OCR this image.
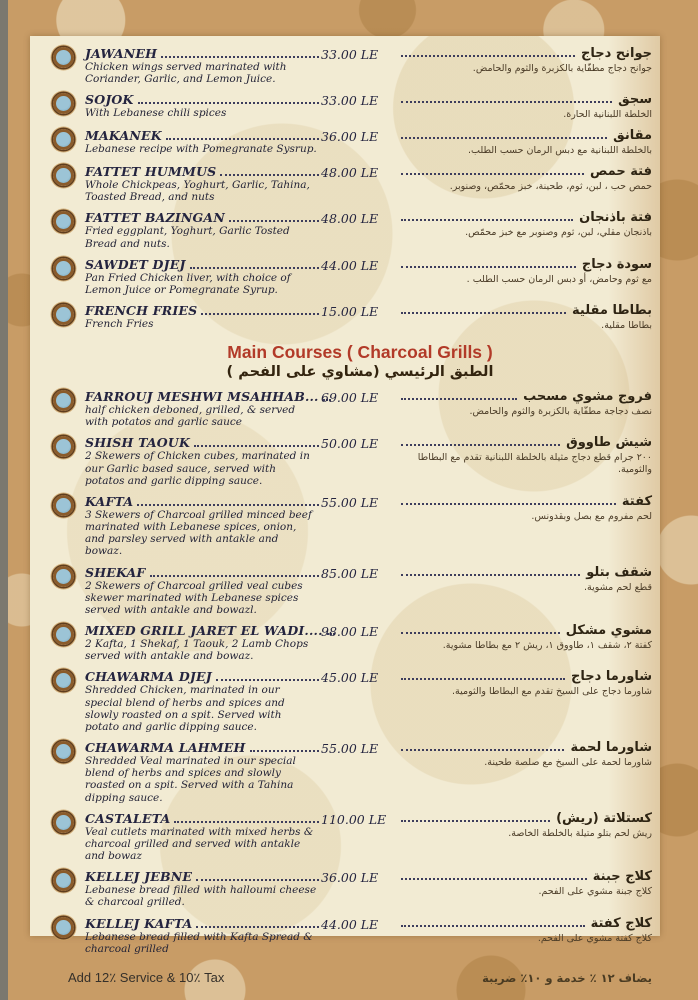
JAWANEH
Chicken wings served marinated with Coriander, Garlic, and Lemon Juice.
33.00 LE	جوانح دجاج
جوانح دجاج مطفّاية بالكزبرة والثوم والحامض.
SOJOK
With Lebanese chili spices
33.00 LE	سجق
الخلطة اللبنانية الحارة.
MAKANEK
Lebanese recipe with Pomegranate Sysrup.
36.00 LE	مقانق
بالخلطة اللبنانية مع دبس الرمان حسب الطلب.
FATTET HUMMUS
Whole Chickpeas, Yoghurt, Garlic, Tahina, Toasted Bread, and nuts
48.00 LE	فتة حمص
حمص حب ، لبن، ثوم، طحينة، خبز محمّص، وصنوبر.
FATTET BAZINGAN
Fried eggplant, Yoghurt, Garlic Tosted Bread and nuts.
48.00 LE	فتة باذنجان
باذنجان مقلي، لبن، ثوم وصنوبر مع خبز محمّص.
SAWDET DJEJ
Pan Fried Chicken liver, with choice of Lemon Juice or Pomegranate Syrup.
44.00 LE	سودة دجاج
مع ثوم وحامض، أو دبس الرمان حسب الطلب .
FRENCH FRIES
French Fries
15.00 LE	بطاطا مقلية
بطاطا مقلية.
Main Courses ( Charcoal Grills )
الطبق الرئيسي (مشاوي على الفحم )
FARROUJ MESHWI MSAHHAB...
half chicken deboned, grilled, & served with potatos and garlic sauce
69.00 LE	فروج مشوي مسحب
نصف دجاجة مطفّاية بالكزبرة والثوم والحامض.
SHISH TAOUK
2 Skewers of Chicken cubes, marinated in our Garlic based sauce, served with potatos and garlic dipping sauce.
50.00 LE	شيش طاووق
٢٠٠ جرام قطع دجاج مثيلة بالخلطة اللبنانية تقدم مع البطاطا والثومية.
KAFTA
3 Skewers of Charcoal grilled minced beef marinated with Lebanese spices, onion, and parsley served with antakle and bowaz.
55.00 LE	كفتة
لحم مفروم مع بصل وبقدونس.
SHEKAF
2 Skewers of Charcoal grilled veal cubes skewer marinated with Lebanese spices served with antakle and bowazl.
85.00 LE	شقف بتلو
قطع لحم مشوية.
MIXED GRILL JARET EL WADI....
2 Kafta, 1 Shekaf, 1 Taouk, 2 Lamb Chops served with antakle and bowaz.
98.00 LE	مشوي مشكل
كفتة ٢، شقف ١، طاووق ١، ريش ٢ مع بطاطا مشوية.
CHAWARMA DJEJ
Shredded Chicken, marinated in our special blend of herbs and spices and slowly roasted on a spit. Served with potato and garlic dipping sauce.
45.00 LE	شاورما دجاج
شاورما دجاج على السيخ تقدم مع البطاطا والثومية.
CHAWARMA LAHMEH
Shredded Veal marinated in our special blend of herbs and spices and slowly roasted on a spit. Served with a Tahina dipping sauce.
55.00 LE	شاورما لحمة
شاورما لحمة على السيخ مع صلصة طحينة.
CASTALETA
Veal cutlets marinated with mixed herbs & charcoal grilled and served with antakle and bowaz
110.00 LE	كستلاتة (ريش)
ريش لحم بتلو متيلة بالخلطة الخاصة.
KELLEJ JEBNE
Lebanese bread filled with halloumi cheese & charcoal grilled.
36.00 LE	كلاج جبنة
كلاج جبنة مشوي على الفحم.
KELLEJ KAFTA
Lebanese bread filled with Kafta Spread & charcoal grilled
44.00 LE	كلاج كفتة
كلاج كفتة مشوي على الفحم.
Add 12٪ Service & 10٪ Tax	يضاف ١٢ ٪ خدمة و ١٠٪ ضريبة
